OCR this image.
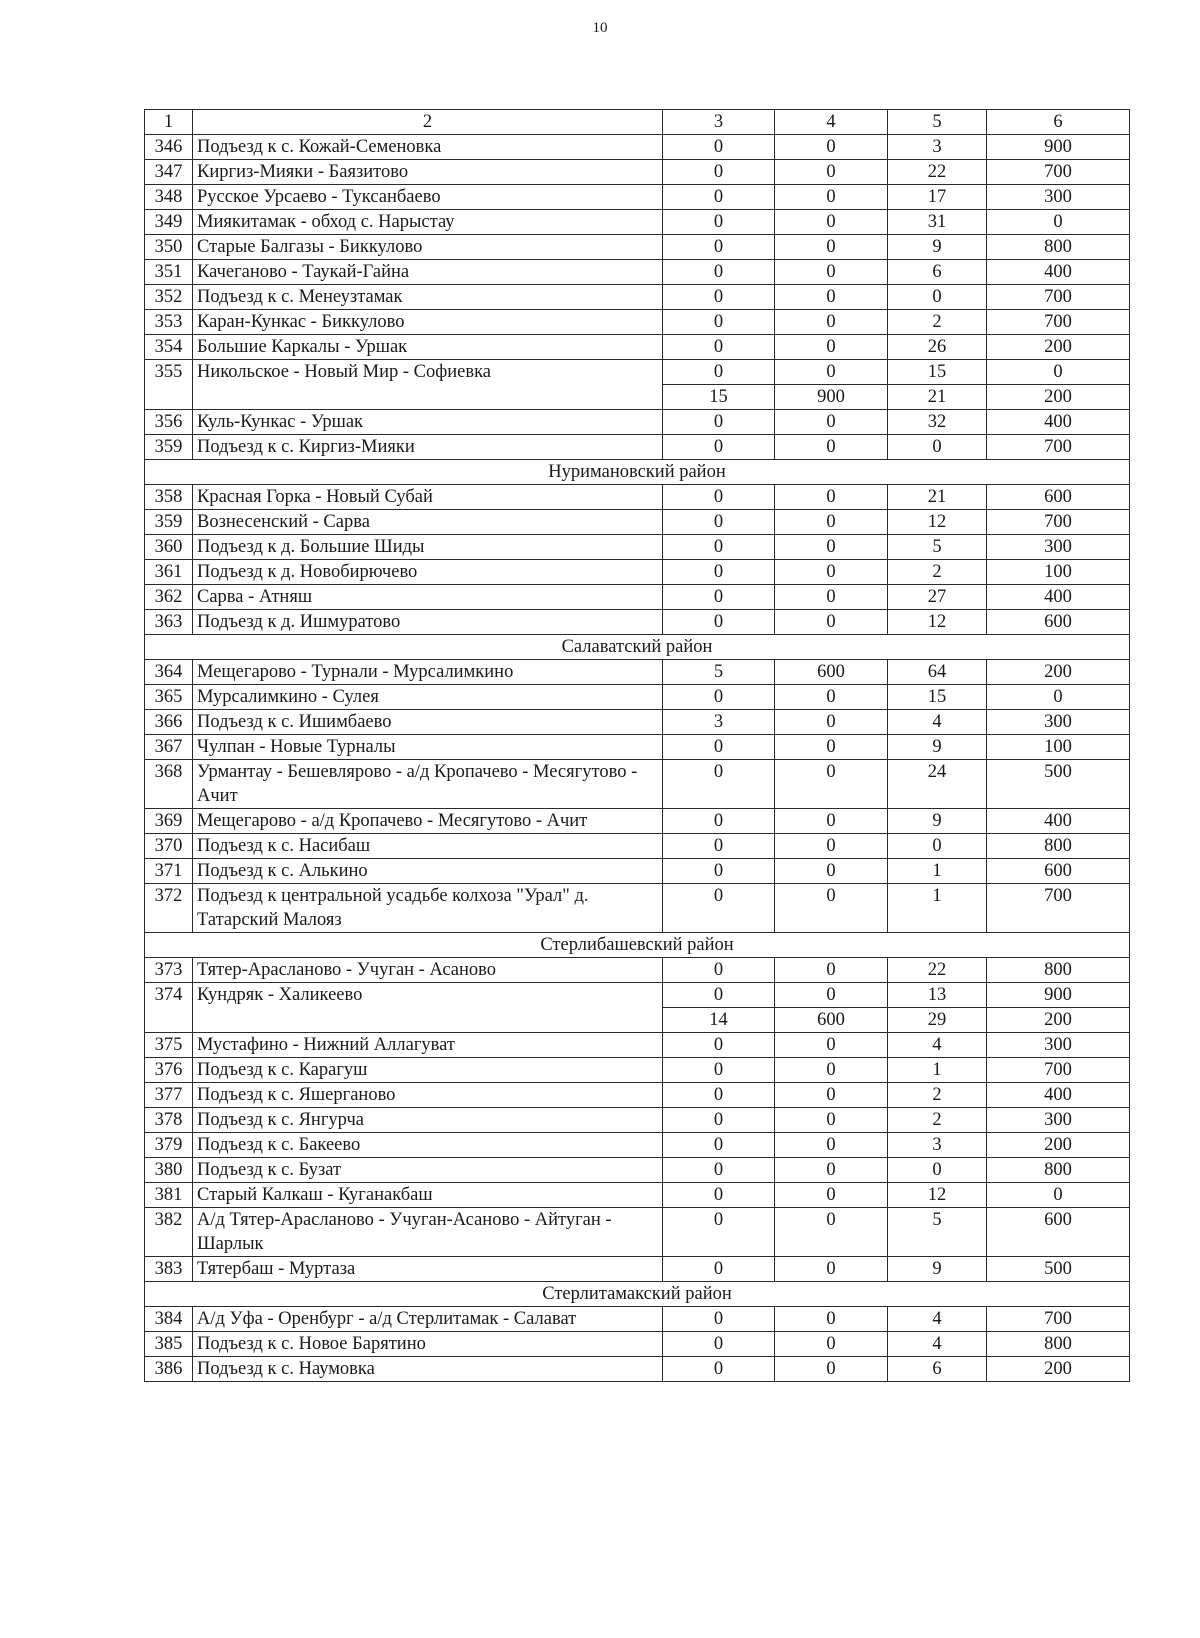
10
1	2	3	4	5	6
346	Подъезд к с. Кожай-Семеновка	0	0	3	900
347	Киргиз-Мияки - Баязитово	0	0	22	700
348	Русское Урсаево - Туксанбаево	0	0	17	300
349	Миякитамак - обход с. Нарыстау	0	0	31	0
350	Старые Балгазы - Биккулово	0	0	9	800
351	Качеганово - Таукай-Гайна	0	0	6	400
352	Подъезд к с. Менеузтамак	0	0	0	700
353	Каран-Кункас - Биккулово	0	0	2	700
354	Большие Каркалы - Уршак	0	0	26	200
355	Никольское - Новый Мир - Софиевка	0	0	15	0
		15	900	21	200
356	Куль-Кункас - Уршак	0	0	32	400
359	Подъезд к с. Киргиз-Мияки	0	0	0	700
Нуримановский район					
358	Красная Горка - Новый Субай	0	0	21	600
359	Вознесенский - Сарва	0	0	12	700
360	Подъезд к д. Большие Шиды	0	0	5	300
361	Подъезд к д. Новобирючево	0	0	2	100
362	Сарва - Атняш	0	0	27	400
363	Подъезд к д. Ишмуратово	0	0	12	600
Салаватский район					
364	Мещегарово - Турнали - Мурсалимкино	5	600	64	200
365	Мурсалимкино - Сулея	0	0	15	0
366	Подъезд к с. Ишимбаево	3	0	4	300
367	Чулпан - Новые Турналы	0	0	9	100
368	Урмантау - Бешевлярово - а/д Кропачево - Месягутово - Ачит	0	0	24	500
369	Мещегарово - а/д Кропачево - Месягутово - Ачит	0	0	9	400
370	Подъезд к с. Насибаш	0	0	0	800
371	Подъезд к с. Алькино	0	0	1	600
372	Подъезд к центральной усадьбе колхоза "Урал" д. Татарский Малояз	0	0	1	700
Стерлибашевский район					
373	Тятер-Арасланово - Учуган - Асаново	0	0	22	800
374	Кундряк - Халикеево	0	0	13	900
		14	600	29	200
375	Мустафино - Нижний Аллагуват	0	0	4	300
376	Подъезд к с. Карагуш	0	0	1	700
377	Подъезд к с. Яшерганово	0	0	2	400
378	Подъезд к с. Янгурча	0	0	2	300
379	Подъезд к с. Бакеево	0	0	3	200
380	Подъезд к с. Бузат	0	0	0	800
381	Старый Калкаш - Куганакбаш	0	0	12	0
382	А/д Тятер-Арасланово - Учуган-Асаново - Айтуган - Шарлык	0	0	5	600
383	Тятербаш - Муртаза	0	0	9	500
Стерлитамакский район					
384	А/д Уфа - Оренбург - а/д Стерлитамак - Салават	0	0	4	700
385	Подъезд к с. Новое Барятино	0	0	4	800
386	Подъезд к с. Наумовка	0	0	6	200
